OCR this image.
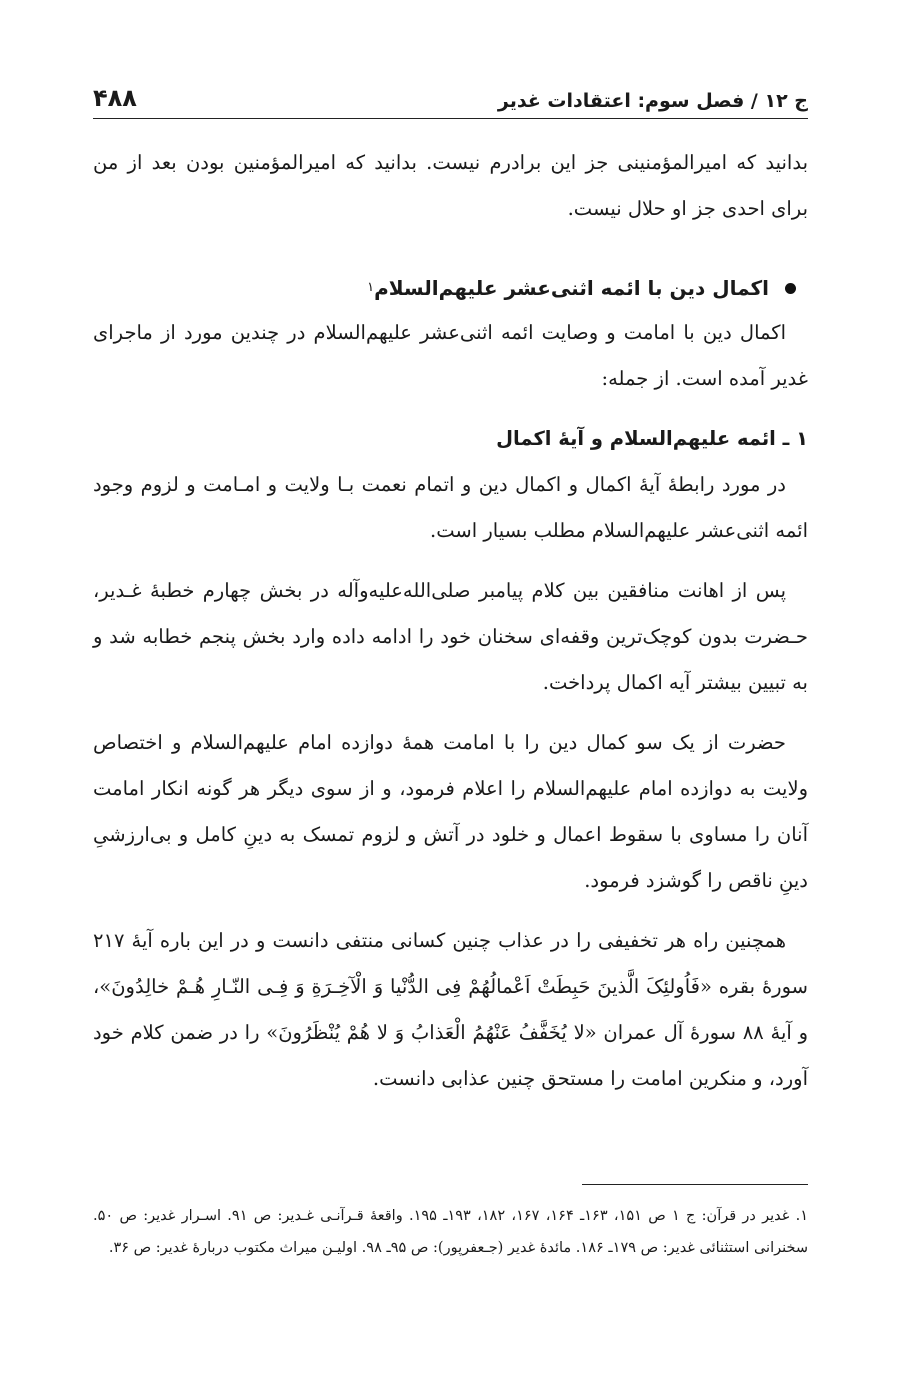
ج ۱۲ / فصل سوم: اعتقادات غدیر
۴۸۸

بدانید که امیرالمؤمنینی جز این برادرم نیست. بدانید که امیرالمؤمنین بودن بعد از من برای احدی جز او حلال نیست.

اکمال دین با ائمه اثنی‌عشر علیهم‌السلام
۱

اکمال دین با امامت و وصایت ائمه اثنی‌عشر علیهم‌السلام در چندین مورد از ماجرای غدیر آمده است. از جمله:

۱ ـ ائمه علیهم‌السلام و آیهٔ اکمال

در مورد رابطهٔ آیهٔ اکمال و اکمال دین و اتمام نعمت بـا ولایت و امـامت و لزوم وجود ائمه اثنی‌عشر علیهم‌السلام مطلب بسیار است.

پس از اهانت منافقین بین کلام پیامبر صلی‌الله‌علیه‌وآله در بخش چهارم خطبهٔ غـدیر، حـضرت بدون کوچک‌ترین وقفه‌ای سخنان خود را ادامه داده وارد بخش پنجم خطابه شد و به تبیین بیشتر آیه اکمال پرداخت.

حضرت از یک سو کمال دین را با امامت همهٔ دوازده امام علیهم‌السلام و اختصاص ولایت به دوازده امام علیهم‌السلام را اعلام فرمود، و از سوی دیگر هر گونه انکار امامت آنان را مساوی با سقوط اعمال و خلود در آتش و لزوم تمسک به دینِ کامل و بی‌ارزشیِ دینِ ناقص را گوشزد فرمود.

همچنین راه هر تخفیفی را در عذاب چنین کسانی منتفی دانست و در این باره آیهٔ ۲۱۷ سورهٔ بقره «فَاُولئِکَ الَّذینَ حَبِطَتْ اَعْمالُهُمْ فِی الدُّنْیا وَ الْآخِـرَةِ وَ فِـی النّـارِ هُـمْ خالِدُونَ»، و آیهٔ ۸۸ سورهٔ آل عمران «لا یُخَفَّفُ عَنْهُمُ الْعَذابُ وَ لا هُمْ یُنْظَرُونَ» را در ضمن کلام خود آورد، و منکرین امامت را مستحق چنین عذابی دانست.

۱. غدیر در قرآن: ج ۱ ص ۱۵۱، ۱۶۳ـ ۱۶۴، ۱۶۷، ۱۸۲، ۱۹۳ـ ۱۹۵. واقعهٔ قـرآنـی غـدیر: ص ۹۱. اسـرار غدیر: ص ۵۰. سخنرانی استثنائی غدیر: ص ۱۷۹ـ ۱۸۶. مائدهٔ غدیر (جـعفرپور): ص ۹۵ـ ۹۸. اولیـن میراث مکتوب دربارهٔ غدیر: ص ۳۶.
